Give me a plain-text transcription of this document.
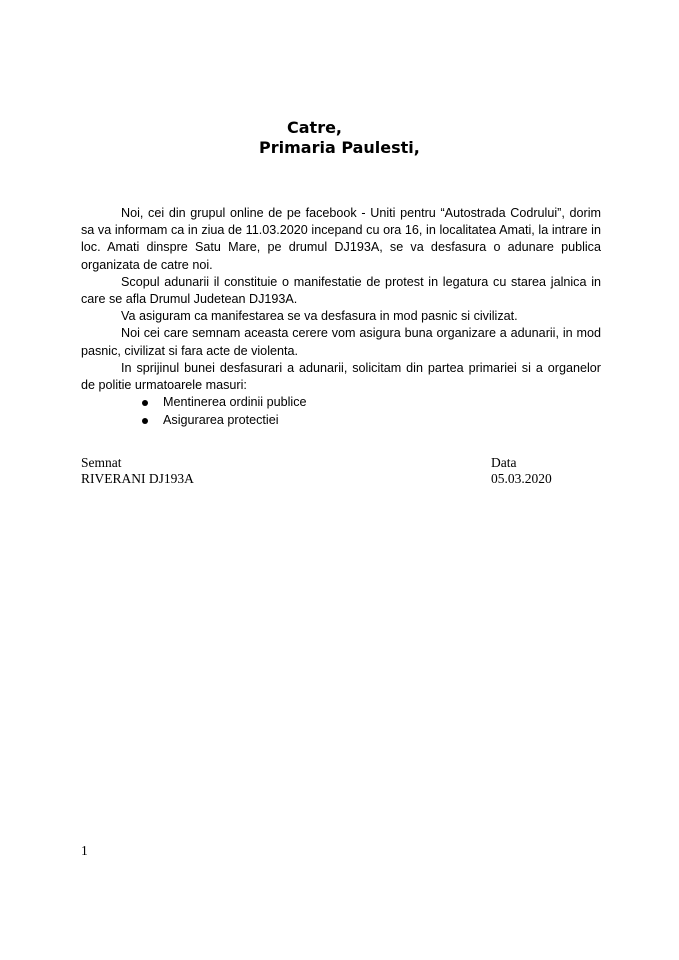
Catre,
Primaria Paulesti,

Noi, cei din grupul online de pe facebook - Uniti pentru “Autostrada Codrului”, dorim sa va informam ca in ziua de 11.03.2020 incepand cu ora 16, in localitatea Amati, la intrare in loc. Amati dinspre Satu Mare, pe drumul DJ193A, se va desfasura o adunare publica organizata de catre noi.

Scopul adunarii il constituie o manifestatie de protest in legatura cu starea jalnica in care se afla Drumul Judetean DJ193A.

Va asiguram ca manifestarea se va desfasura in mod pasnic si civilizat.

Noi cei care semnam aceasta cerere vom asigura buna organizare a adunarii, in mod pasnic, civilizat si fara acte de violenta.

In sprijinul bunei desfasurari a adunarii, solicitam din partea primariei si a organelor de politie urmatoarele masuri:

Mentinerea ordinii publice
Asigurarea protectiei
Semnat
RIVERANI DJ193A
Data
05.03.2020
1
